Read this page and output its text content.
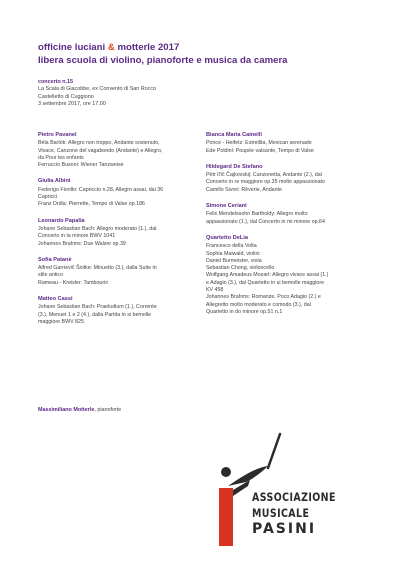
officine luciani & motterle 2017
libera scuola di violino, pianoforte e musica da camera
concerto n.15
La Scala di Giacobbe, ex Convento di San Rocco
Castelletto di Cuggiono
3 settembre 2017, ore 17.00
Pietro Pavanel
Béla Bartók: Allegro non troppo, Andante sostenuto,
Vivace, Canzone del vagabondo (Andante) e Allegro,
da Pour les enfants
Ferruccio Busoni: Wiener Tanzweise
Giulia Albini
Federigo Fiorillo: Capriccio n.28, Allegro assai, dai 36
Capricci
Franz Drdla: Pierrette, Tempo di Valse op.186
Leonardo Papalia
Johann Sebastian Bach: Allegro moderato (1.), dal
Concerto in la minore BWV 1041
Johannes Brahms: Due Walzer op.39
Sofia Patanè
Alfred Garrievič Šnitke: Minuetto (3.), dalla Suite in
stile antico
Rameau - Kreisler: Tambourin
Matteo Cassi
Johann Sebastian Bach: Praeludium (1.), Corrente
(3.), Menuet 1 e 2 (4.), dalla Partita in si bemolle
maggiore BWV 825
Bianca Maria Cainelli
Ponce - Heifetz: Estrellita, Mexican serenade
Ede Poldini: Poupée valsante, Tempo di Valse
Hildegard De Stefano
Pëtr Il'ič Čajkovskij: Canzonetta, Andante (2.), dal
Concerto in re maggiore op.35 molto appassionato
Camillo Sivori: Rêverie, Andante
Simone Ceriani
Felix Mendelssohn Bartholdy: Allegro molto
appassionato (1.), dal Concerto in mi minore op.64
Quartetto DeLia
Francesco della Volta
Sophia Maiwald, violini
Daniel Burmeister, viola
Sebastian Chong, violoncello
Wolfgang Amadeus Mozart: Allegro vivace assai (1.)
e Adagio (3.), dal Quartetto in si bemolle maggiore
KV 458
Johannes Brahms: Romanze. Poco Adagio (2.) e
Allegretto molto moderato e comodo (3.), dal
Quartetto in do minore op.51 n.1
Massimiliano Motterle, pianoforte
ASSOCIAZIONE
MUSICALE
PASINI
